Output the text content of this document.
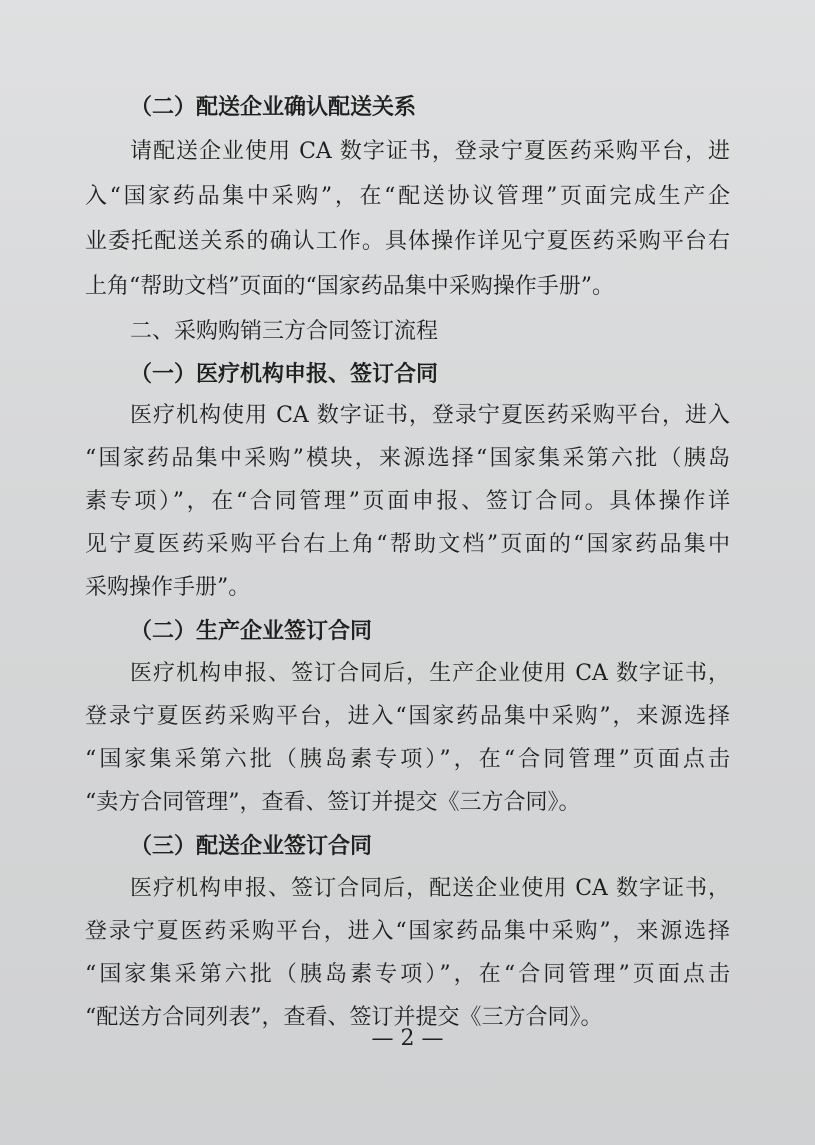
（二）配送企业确认配送关系
请配送企业使用 CA 数字证书，登录宁夏医药采购平台，进
入“国家药品集中采购”，在“配送协议管理”页面完成生产企
业委托配送关系的确认工作。具体操作详见宁夏医药采购平台右
上角“帮助文档”页面的“国家药品集中采购操作手册”。
二、采购购销三方合同签订流程
（一）医疗机构申报、签订合同
医疗机构使用 CA 数字证书，登录宁夏医药采购平台，进入
“国家药品集中采购”模块，来源选择“国家集采第六批（胰岛
素专项）”，在“合同管理”页面申报、签订合同。具体操作详
见宁夏医药采购平台右上角“帮助文档”页面的“国家药品集中
采购操作手册”。
（二）生产企业签订合同
医疗机构申报、签订合同后，生产企业使用 CA 数字证书，
登录宁夏医药采购平台，进入“国家药品集中采购”，来源选择
“国家集采第六批（胰岛素专项）”，在“合同管理”页面点击
“卖方合同管理”，查看、签订并提交《三方合同》。
（三）配送企业签订合同
医疗机构申报、签订合同后，配送企业使用 CA 数字证书，
登录宁夏医药采购平台，进入“国家药品集中采购”，来源选择
“国家集采第六批（胰岛素专项）”，在“合同管理”页面点击
“配送方合同列表”，查看、签订并提交《三方合同》。
— 2 —
